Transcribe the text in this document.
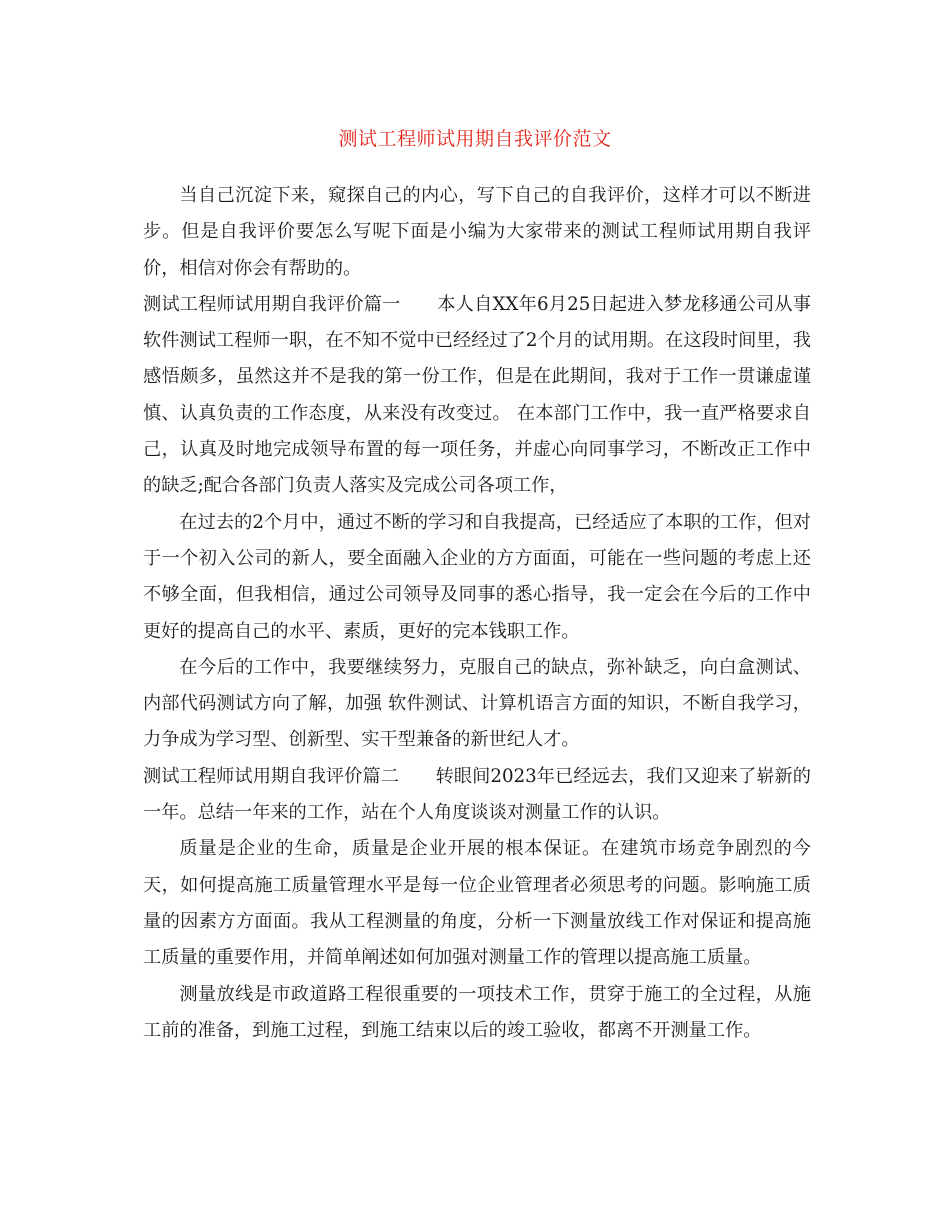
测试工程师试用期自我评价范文

当自己沉淀下来，窥探自己的内心，写下自己的自我评价，这样才可以不断进步。但是自我评价要怎么写呢下面是小编为大家带来的测试工程师试用期自我评价，相信对你会有帮助的。

测试工程师试用期自我评价篇一　　本人自XX年6月25日起进入梦龙移通公司从事　软件测试工程师一职，在不知不觉中已经经过了2个月的试用期。在这段时间里，我感悟颇多，虽然这并不是我的第一份工作，但是在此期间，我对于工作一贯谦虚谨慎、认真负责的工作态度，从来没有改变过。 在本部门工作中，我一直严格要求自己，认真及时地完成领导布置的每一项任务，并虚心向同事学习，不断改正工作中的缺乏;配合各部门负责人落实及完成公司各项工作，

在过去的2个月中，通过不断的学习和自我提高，已经适应了本职的工作，但对于一个初入公司的新人，要全面融入企业的方方面面，可能在一些问题的考虑上还不够全面，但我相信，通过公司领导及同事的悉心指导，我一定会在今后的工作中更好的提高自己的水平、素质，更好的完本钱职工作。

在今后的工作中，我要继续努力，克服自己的缺点，弥补缺乏，向白盒测试、内部代码测试方向了解，加强 软件测试、计算机语言方面的知识，不断自我学习，力争成为学习型、创新型、实干型兼备的新世纪人才。

测试工程师试用期自我评价篇二　　转眼间2023年已经远去，我们又迎来了崭新的一年。总结一年来的工作，站在个人角度谈谈对测量工作的认识。

质量是企业的生命，质量是企业开展的根本保证。在建筑市场竞争剧烈的今天，如何提高施工质量管理水平是每一位企业管理者必须思考的问题。影响施工质量的因素方方面面。我从工程测量的角度，分析一下测量放线工作对保证和提高施工质量的重要作用，并简单阐述如何加强对测量工作的管理以提高施工质量。

测量放线是市政道路工程很重要的一项技术工作，贯穿于施工的全过程，从施工前的准备，到施工过程，到施工结束以后的竣工验收，都离不开测量工作。
